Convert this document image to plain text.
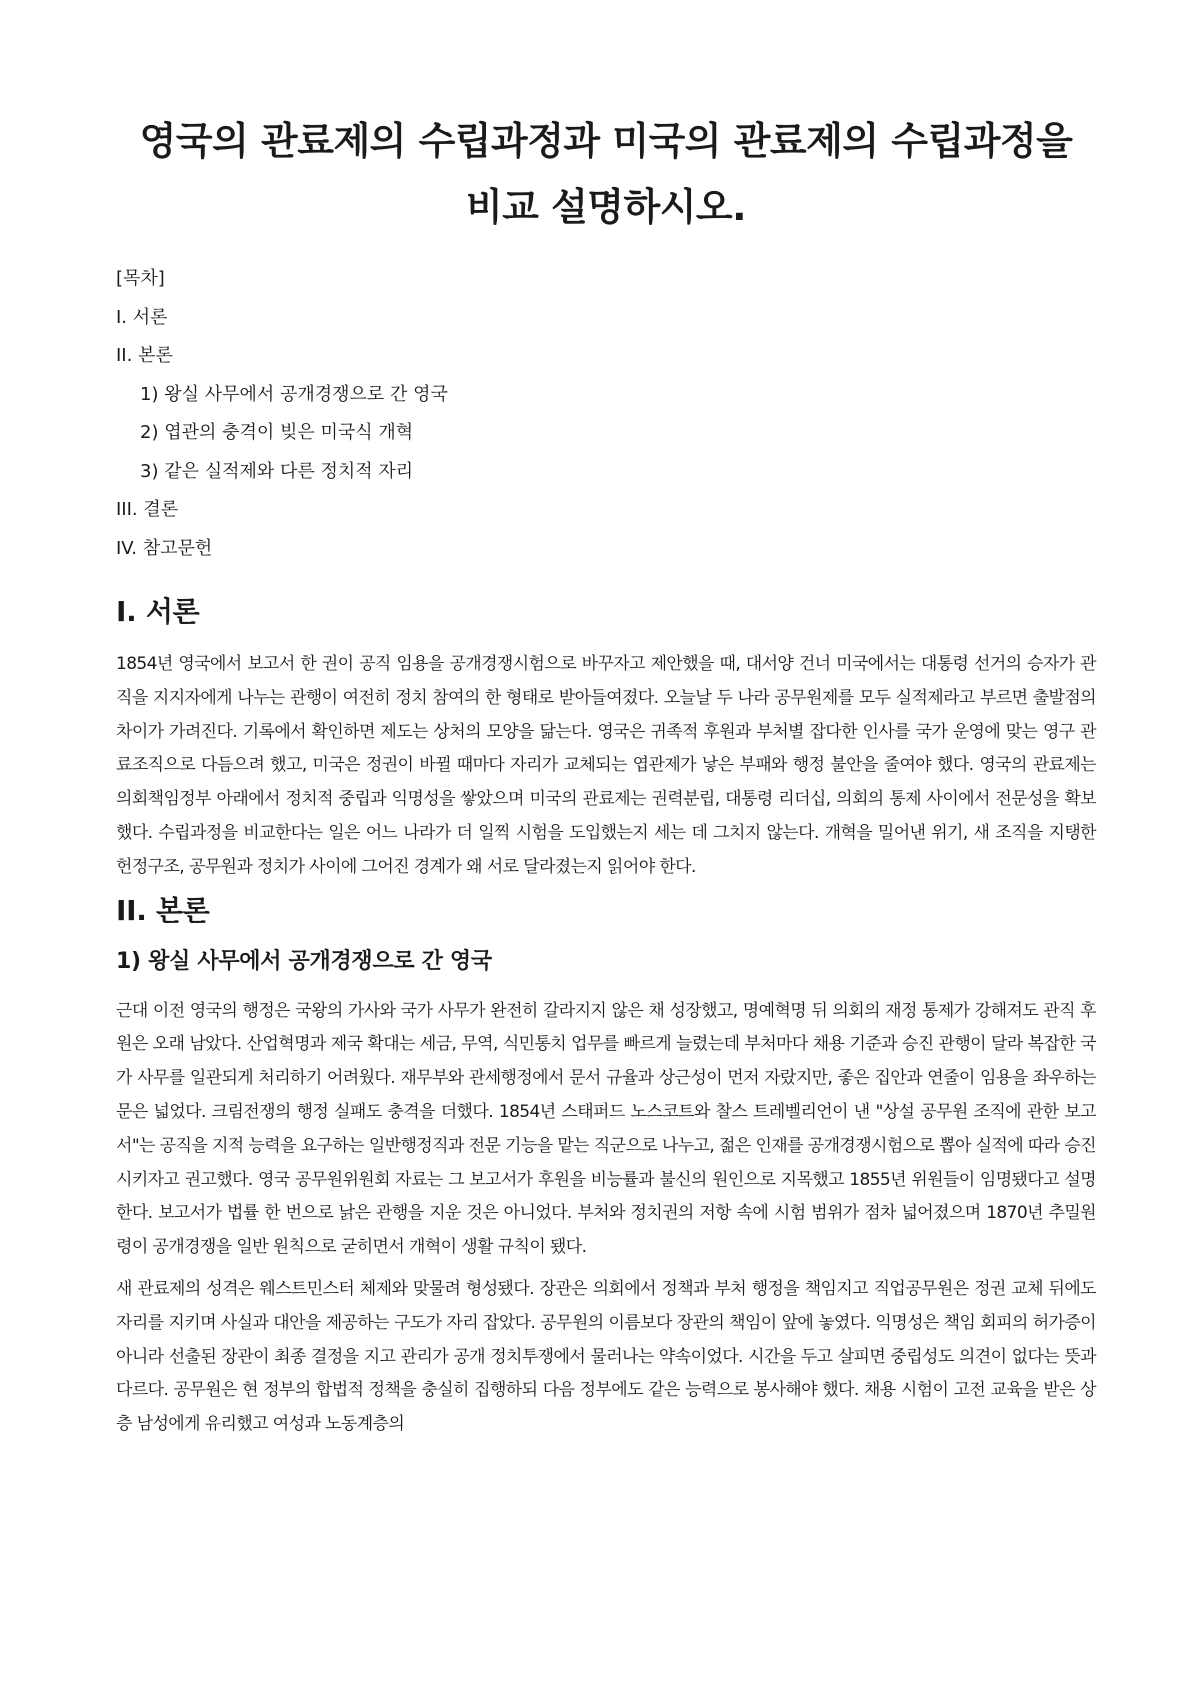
영국의 관료제의 수립과정과 미국의 관료제의 수립과정을 비교 설명하시오.
[목차]
I. 서론
II. 본론
1) 왕실 사무에서 공개경쟁으로 간 영국
2) 엽관의 충격이 빚은 미국식 개혁
3) 같은 실적제와 다른 정치적 자리
III. 결론
IV. 참고문헌
I. 서론

1854년 영국에서 보고서 한 권이 공직 임용을 공개경쟁시험으로 바꾸자고 제안했을 때, 대서양 건너 미국에서는 대통령 선거의 승자가 관직을 지지자에게 나누는 관행이 여전히 정치 참여의 한 형태로 받아들여졌다. 오늘날 두 나라 공무원제를 모두 실적제라고 부르면 출발점의 차이가 가려진다. 기록에서 확인하면 제도는 상처의 모양을 닮는다. 영국은 귀족적 후원과 부처별 잡다한 인사를 국가 운영에 맞는 영구 관료조직으로 다듬으려 했고, 미국은 정권이 바뀔 때마다 자리가 교체되는 엽관제가 낳은 부패와 행정 불안을 줄여야 했다. 영국의 관료제는 의회책임정부 아래에서 정치적 중립과 익명성을 쌓았으며 미국의 관료제는 권력분립, 대통령 리더십, 의회의 통제 사이에서 전문성을 확보했다. 수립과정을 비교한다는 일은 어느 나라가 더 일찍 시험을 도입했는지 세는 데 그치지 않는다. 개혁을 밀어낸 위기, 새 조직을 지탱한 헌정구조, 공무원과 정치가 사이에 그어진 경계가 왜 서로 달라졌는지 읽어야 한다.

II. 본론
1) 왕실 사무에서 공개경쟁으로 간 영국

근대 이전 영국의 행정은 국왕의 가사와 국가 사무가 완전히 갈라지지 않은 채 성장했고, 명예혁명 뒤 의회의 재정 통제가 강해져도 관직 후원은 오래 남았다. 산업혁명과 제국 확대는 세금, 무역, 식민통치 업무를 빠르게 늘렸는데 부처마다 채용 기준과 승진 관행이 달라 복잡한 국가 사무를 일관되게 처리하기 어려웠다. 재무부와 관세행정에서 문서 규율과 상근성이 먼저 자랐지만, 좋은 집안과 연줄이 임용을 좌우하는 문은 넓었다. 크림전쟁의 행정 실패도 충격을 더했다. 1854년 스태퍼드 노스코트와 찰스 트레벨리언이 낸 "상설 공무원 조직에 관한 보고서"는 공직을 지적 능력을 요구하는 일반행정직과 전문 기능을 맡는 직군으로 나누고, 젊은 인재를 공개경쟁시험으로 뽑아 실적에 따라 승진시키자고 권고했다. 영국 공무원위원회 자료는 그 보고서가 후원을 비능률과 불신의 원인으로 지목했고 1855년 위원들이 임명됐다고 설명한다. 보고서가 법률 한 번으로 낡은 관행을 지운 것은 아니었다. 부처와 정치권의 저항 속에 시험 범위가 점차 넓어졌으며 1870년 추밀원령이 공개경쟁을 일반 원칙으로 굳히면서 개혁이 생활 규칙이 됐다.

새 관료제의 성격은 웨스트민스터 체제와 맞물려 형성됐다. 장관은 의회에서 정책과 부처 행정을 책임지고 직업공무원은 정권 교체 뒤에도 자리를 지키며 사실과 대안을 제공하는 구도가 자리 잡았다. 공무원의 이름보다 장관의 책임이 앞에 놓였다. 익명성은 책임 회피의 허가증이 아니라 선출된 장관이 최종 결정을 지고 관리가 공개 정치투쟁에서 물러나는 약속이었다. 시간을 두고 살피면 중립성도 의견이 없다는 뜻과 다르다. 공무원은 현 정부의 합법적 정책을 충실히 집행하되 다음 정부에도 같은 능력으로 봉사해야 했다. 채용 시험이 고전 교육을 받은 상층 남성에게 유리했고 여성과 노동계층의
